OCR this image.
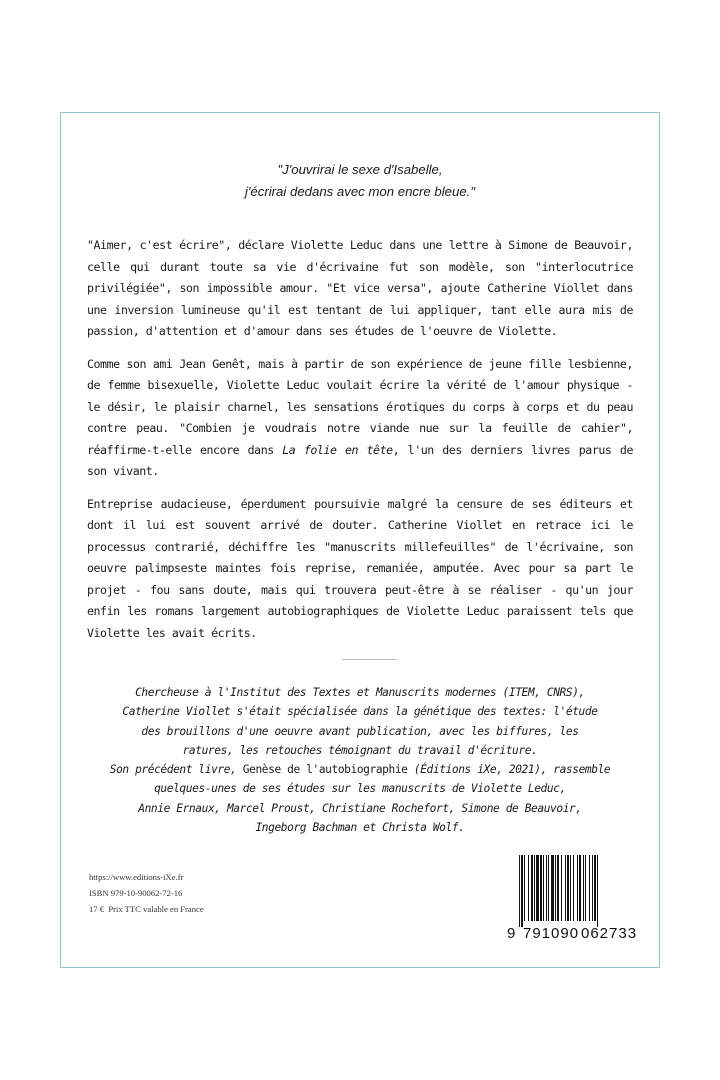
"J'ouvrirai le sexe d'Isabelle,
j'écrirai dedans avec mon encre bleue."

"Aimer, c'est écrire", déclare Violette Leduc dans une lettre à Simone de Beauvoir, celle qui durant toute sa vie d'écrivaine fut son modèle, son "interlocutrice privilégiée", son impossible amour. "Et vice versa", ajoute Catherine Viollet dans une inversion lumineuse qu'il est tentant de lui appliquer, tant elle aura mis de passion, d'attention et d'amour dans ses études de l'oeuvre de Violette.

Comme son ami Jean Genêt, mais à partir de son expérience de jeune fille lesbienne, de femme bisexuelle, Violette Leduc voulait écrire la vérité de l'amour physique - le désir, le plaisir charnel, les sensations érotiques du corps à corps et du peau contre peau. "Combien je voudrais notre viande nue sur la feuille de cahier", réaffirme-t-elle encore dans La folie en tête, l'un des derniers livres parus de son vivant.

Entreprise audacieuse, éperdument poursuivie malgré la censure de ses éditeurs et dont il lui est souvent arrivé de douter. Catherine Viollet en retrace ici le processus contrarié, déchiffre les "manuscrits millefeuilles" de l'écrivaine, son oeuvre palimpseste maintes fois reprise, remaniée, amputée. Avec pour sa part le projet - fou sans doute, mais qui trouvera peut-être à se réaliser - qu'un jour enfin les romans largement autobiographiques de Violette Leduc paraissent tels que Violette les avait écrits.

Chercheuse à l'Institut des Textes et Manuscrits modernes (ITEM, CNRS),
Catherine Viollet s'était spécialisée dans la génétique des textes: l'étude
des brouillons d'une oeuvre avant publication, avec les biffures, les
ratures, les retouches témoignant du travail d'écriture.
Son précédent livre, Genèse de l'autobiographie (Éditions iXe, 2021), rassemble
quelques-unes de ses études sur les manuscrits de Violette Leduc,
Annie Ernaux, Marcel Proust, Christiane Rochefort, Simone de Beauvoir,
Ingeborg Bachman et Christa Wolf.
https://www.editions-iXe.fr
ISBN 979-10-90062-72-16
17 € Prix TTC valable en France
9 791090 062733
